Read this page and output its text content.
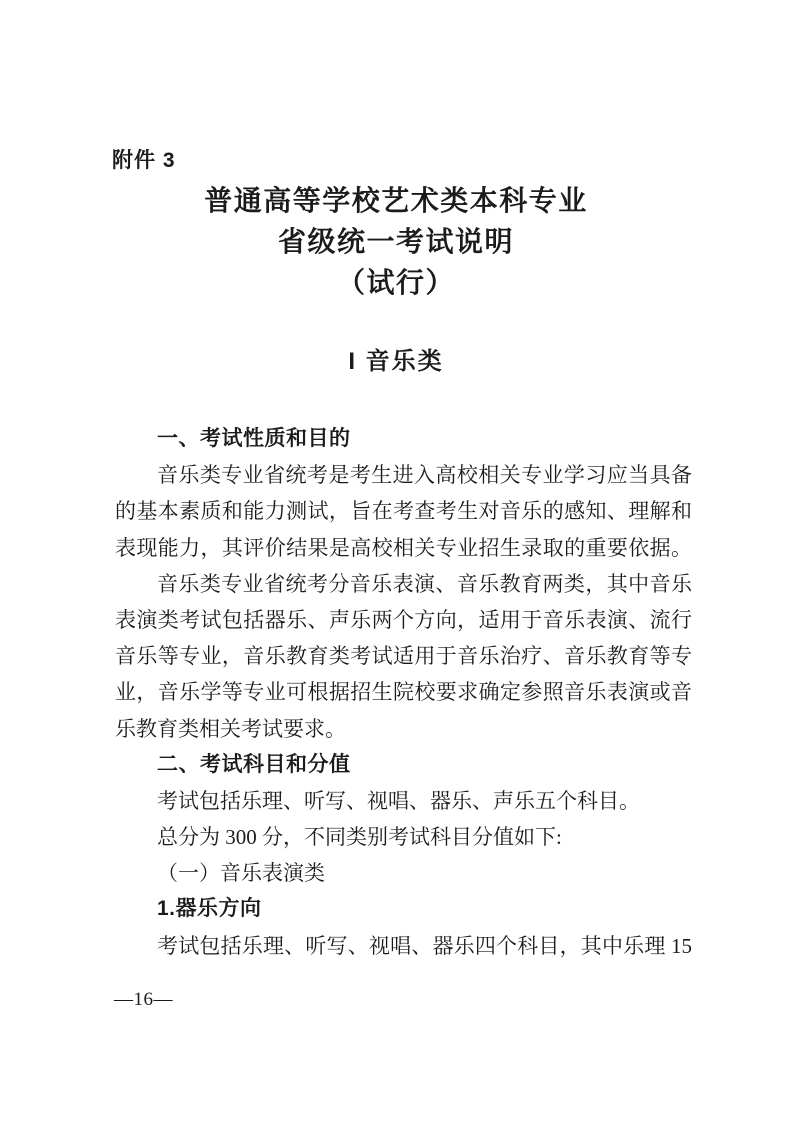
附件 3
普通高等学校艺术类本科专业
省级统一考试说明
（试行）
I 音乐类
一、考试性质和目的
音乐类专业省统考是考生进入高校相关专业学习应当具备
的基本素质和能力测试，旨在考查考生对音乐的感知、理解和
表现能力，其评价结果是高校相关专业招生录取的重要依据。
音乐类专业省统考分音乐表演、音乐教育两类，其中音乐
表演类考试包括器乐、声乐两个方向，适用于音乐表演、流行
音乐等专业，音乐教育类考试适用于音乐治疗、音乐教育等专
业，音乐学等专业可根据招生院校要求确定参照音乐表演或音
乐教育类相关考试要求。
二、考试科目和分值
考试包括乐理、听写、视唱、器乐、声乐五个科目。
总分为 300 分，不同类别考试科目分值如下:
（一）音乐表演类
1.器乐方向
考试包括乐理、听写、视唱、器乐四个科目，其中乐理 15
—16—
